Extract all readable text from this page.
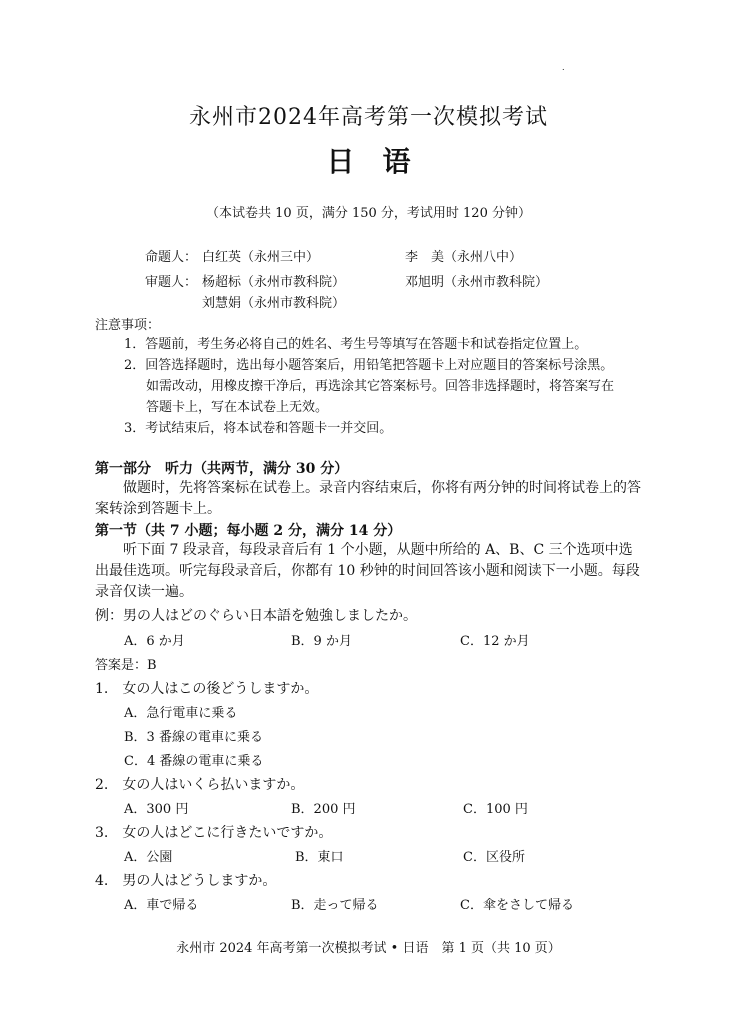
.
永州市2024年高考第一次模拟考试
日　语
（本试卷共 10 页，满分 150 分，考试用时 120 分钟）
命题人： 白红英（永州三中）	李　美（永州八中）
审题人： 杨超标（永州市教科院）	邓旭明（永州市教科院）
刘慧娟（永州市教科院）
注意事项：
1．答题前，考生务必将自己的姓名、考生号等填写在答题卡和试卷指定位置上。
2．回答选择题时，选出每小题答案后，用铅笔把答题卡上对应题目的答案标号涂黑。
如需改动，用橡皮擦干净后，再选涂其它答案标号。回答非选择题时，将答案写在
答题卡上，写在本试卷上无效。
3．考试结束后，将本试卷和答题卡一并交回。
第一部分　听力（共两节，满分 30 分）
做题时，先将答案标在试卷上。录音内容结束后，你将有两分钟的时间将试卷上的答案转涂到答题卡上。
第一节（共 7 小题；每小题 2 分，满分 14 分）
听下面 7 段录音，每段录音后有 1 个小题，从题中所给的 A、B、C 三个选项中选出最佳选项。听完每段录音后，你都有 10 秒钟的时间回答该小题和阅读下一小题。每段录音仅读一遍。
例：男の人はどのぐらい日本語を勉強しましたか。
A．6 か月	B．9 か月	C．12 か月
答案是：B
1.　女の人はこの後どうしますか。
A．急行電車に乗る
B．3 番線の電車に乗る
C．4 番線の電車に乗る
2.　女の人はいくら払いますか。
A．300 円	B．200 円	C．100 円
3.　女の人はどこに行きたいですか。
A．公園	B．東口	C．区役所
4.　男の人はどうしますか。
A．車で帰る	B．走って帰る	C．傘をさして帰る
永州市 2024 年高考第一次模拟考试 • 日语　第 1 页（共 10 页）
